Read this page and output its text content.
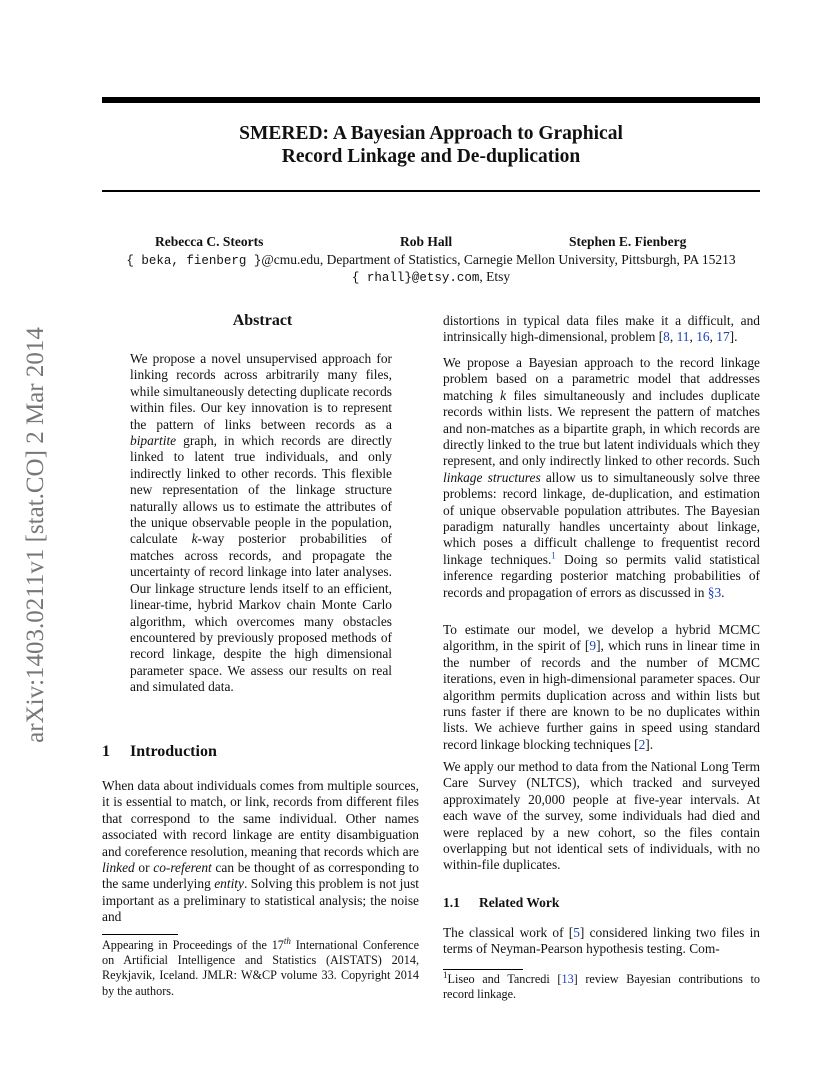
arXiv:1403.0211v1 [stat.CO] 2 Mar 2014
SMERED: A Bayesian Approach to Graphical
Record Linkage and De-duplication
Rebecca C. Steorts	Rob Hall	Stephen E. Fienberg
{ beka, fienberg }@cmu.edu, Department of Statistics, Carnegie Mellon University, Pittsburgh, PA 15213
{ rhall}@etsy.com, Etsy
Abstract

We propose a novel unsupervised approach for linking records across arbitrarily many files, while simultaneously detecting duplicate records within files. Our key innovation is to represent the pattern of links between records as a bipartite graph, in which records are directly linked to latent true individuals, and only indirectly linked to other records. This flexible new representation of the linkage structure naturally allows us to estimate the attributes of the unique observable people in the population, calculate k-way posterior probabilities of matches across records, and propagate the uncertainty of record linkage into later analyses. Our linkage structure lends itself to an efficient, linear-time, hybrid Markov chain Monte Carlo algorithm, which overcomes many obstacles encountered by previously proposed methods of record linkage, despite the high dimensional parameter space. We assess our results on real and simulated data.

1 Introduction

When data about individuals comes from multiple sources, it is essential to match, or link, records from different files that correspond to the same individual. Other names associated with record linkage are entity disambiguation and coreference resolution, meaning that records which are linked or co-referent can be thought of as corresponding to the same underlying entity. Solving this problem is not just important as a preliminary to statistical analysis; the noise and

Appearing in Proceedings of the 17th International Conference on Artificial Intelligence and Statistics (AISTATS) 2014, Reykjavik, Iceland. JMLR: W&CP volume 33. Copyright 2014 by the authors.

distortions in typical data files make it a difficult, and intrinsically high-dimensional, problem [8, 11, 16, 17].

We propose a Bayesian approach to the record linkage problem based on a parametric model that addresses matching k files simultaneously and includes duplicate records within lists. We represent the pattern of matches and non-matches as a bipartite graph, in which records are directly linked to the true but latent individuals which they represent, and only indirectly linked to other records. Such linkage structures allow us to simultaneously solve three problems: record linkage, de-duplication, and estimation of unique observable population attributes. The Bayesian paradigm naturally handles uncertainty about linkage, which poses a difficult challenge to frequentist record linkage techniques.$^1$ Doing so permits valid statistical inference regarding posterior matching probabilities of records and propagation of errors as discussed in §3.

To estimate our model, we develop a hybrid MCMC algorithm, in the spirit of [9], which runs in linear time in the number of records and the number of MCMC iterations, even in high-dimensional parameter spaces. Our algorithm permits duplication across and within lists but runs faster if there are known to be no duplicates within lists. We achieve further gains in speed using standard record linkage blocking techniques [2].

We apply our method to data from the National Long Term Care Survey (NLTCS), which tracked and surveyed approximately 20,000 people at five-year intervals. At each wave of the survey, some individuals had died and were replaced by a new cohort, so the files contain overlapping but not identical sets of individuals, with no within-file duplicates.

1.1 Related Work

The classical work of [5] considered linking two files in terms of Neyman-Pearson hypothesis testing. Com-

$^1$Liseo and Tancredi [13] review Bayesian contributions to record linkage.
